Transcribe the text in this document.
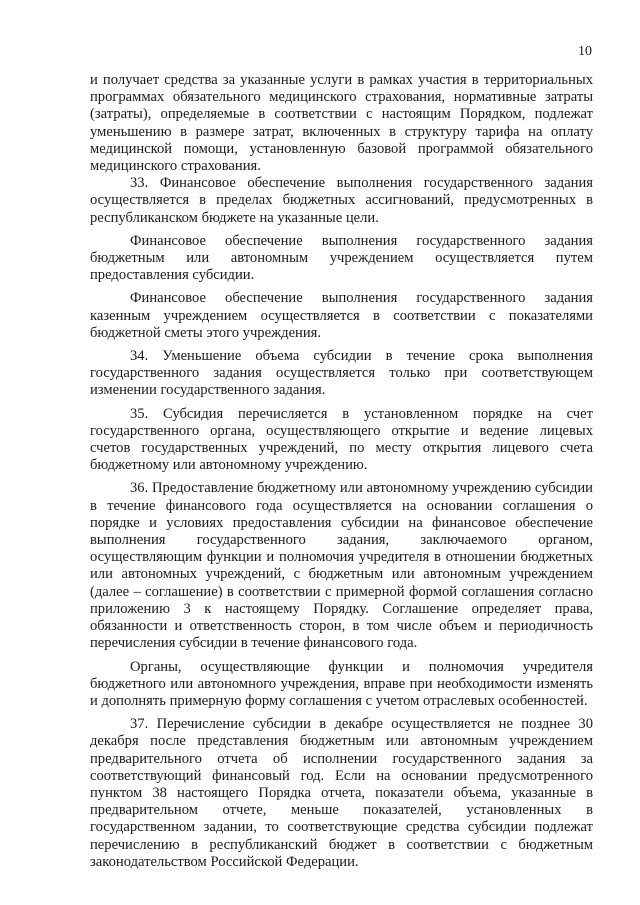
10

и получает средства за указанные услуги в рамках участия в территориальных программах обязательного медицинского страхования, нормативные затраты (затраты), определяемые в соответствии с настоящим Порядком, подлежат уменьшению в размере затрат, включенных в структуру тарифа на оплату медицинской помощи, установленную базовой программой обязательного медицинского страхования.

33. Финансовое обеспечение выполнения государственного задания осуществляется в пределах бюджетных ассигнований, предусмотренных в республиканском бюджете на указанные цели.

Финансовое обеспечение выполнения государственного задания бюджетным или автономным учреждением осуществляется путем предоставления субсидии.

Финансовое обеспечение выполнения государственного задания казенным учреждением осуществляется в соответствии с показателями бюджетной сметы этого учреждения.

34. Уменьшение объема субсидии в течение срока выполнения государственного задания осуществляется только при соответствующем изменении государственного задания.

35. Субсидия перечисляется в установленном порядке на счет государственного органа, осуществляющего открытие и ведение лицевых счетов государственных учреждений, по месту открытия лицевого счета бюджетному или автономному учреждению.

36. Предоставление бюджетному или автономному учреждению субсидии в течение финансового года осуществляется на основании соглашения о порядке и условиях предоставления субсидии на финансовое обеспечение выполнения государственного задания, заключаемого органом, осуществляющим функции и полномочия учредителя в отношении бюджетных или автономных учреждений, с бюджетным или автономным учреждением (далее – соглашение) в соответствии с примерной формой соглашения согласно приложению 3 к настоящему Порядку. Соглашение определяет права, обязанности и ответственность сторон, в том числе объем и периодичность перечисления субсидии в течение финансового года.

Органы, осуществляющие функции и полномочия учредителя бюджетного или автономного учреждения, вправе при необходимости изменять и дополнять примерную форму соглашения с учетом отраслевых особенностей.

37. Перечисление субсидии в декабре осуществляется не позднее 30 декабря после представления бюджетным или автономным учреждением предварительного отчета об исполнении государственного задания за соответствующий финансовый год. Если на основании предусмотренного пунктом 38 настоящего Порядка отчета, показатели объема, указанные в предварительном отчете, меньше показателей, установленных в государственном задании, то соответствующие средства субсидии подлежат перечислению в республиканский бюджет в соответствии с бюджетным законодательством Российской Федерации.
